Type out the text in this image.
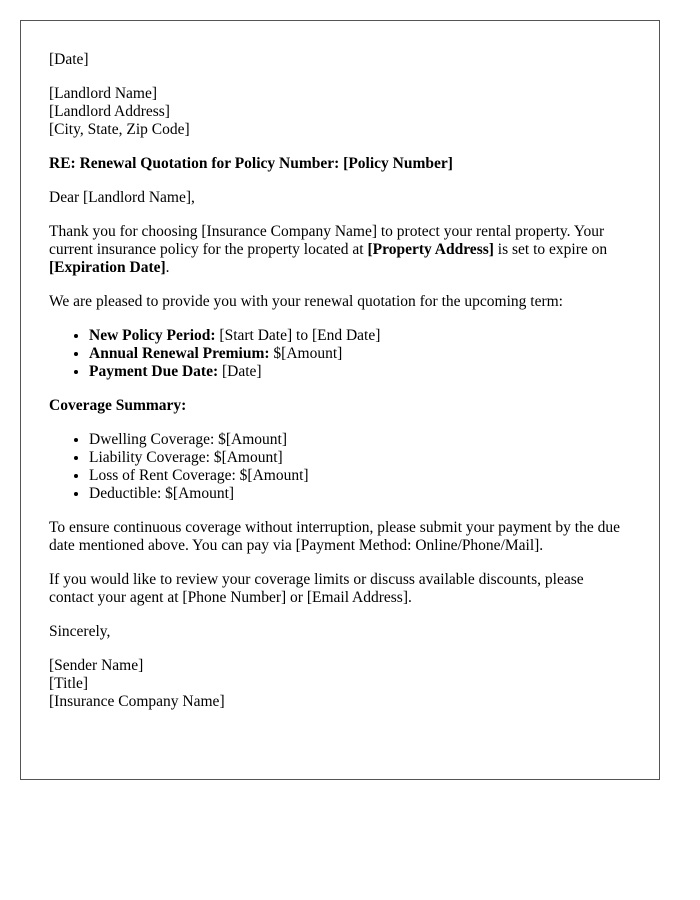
[Date]

[Landlord Name]
[Landlord Address]
[City, State, Zip Code]

RE: Renewal Quotation for Policy Number: [Policy Number]

Dear [Landlord Name],

Thank you for choosing [Insurance Company Name] to protect your rental property. Your current insurance policy for the property located at [Property Address] is set to expire on [Expiration Date].

We are pleased to provide you with your renewal quotation for the upcoming term:

• New Policy Period: [Start Date] to [End Date]
• Annual Renewal Premium: $[Amount]
• Payment Due Date: [Date]

Coverage Summary:

• Dwelling Coverage: $[Amount]
• Liability Coverage: $[Amount]
• Loss of Rent Coverage: $[Amount]
• Deductible: $[Amount]

To ensure continuous coverage without interruption, please submit your payment by the due date mentioned above. You can pay via [Payment Method: Online/Phone/Mail].

If you would like to review your coverage limits or discuss available discounts, please contact your agent at [Phone Number] or [Email Address].

Sincerely,

[Sender Name]
[Title]
[Insurance Company Name]
